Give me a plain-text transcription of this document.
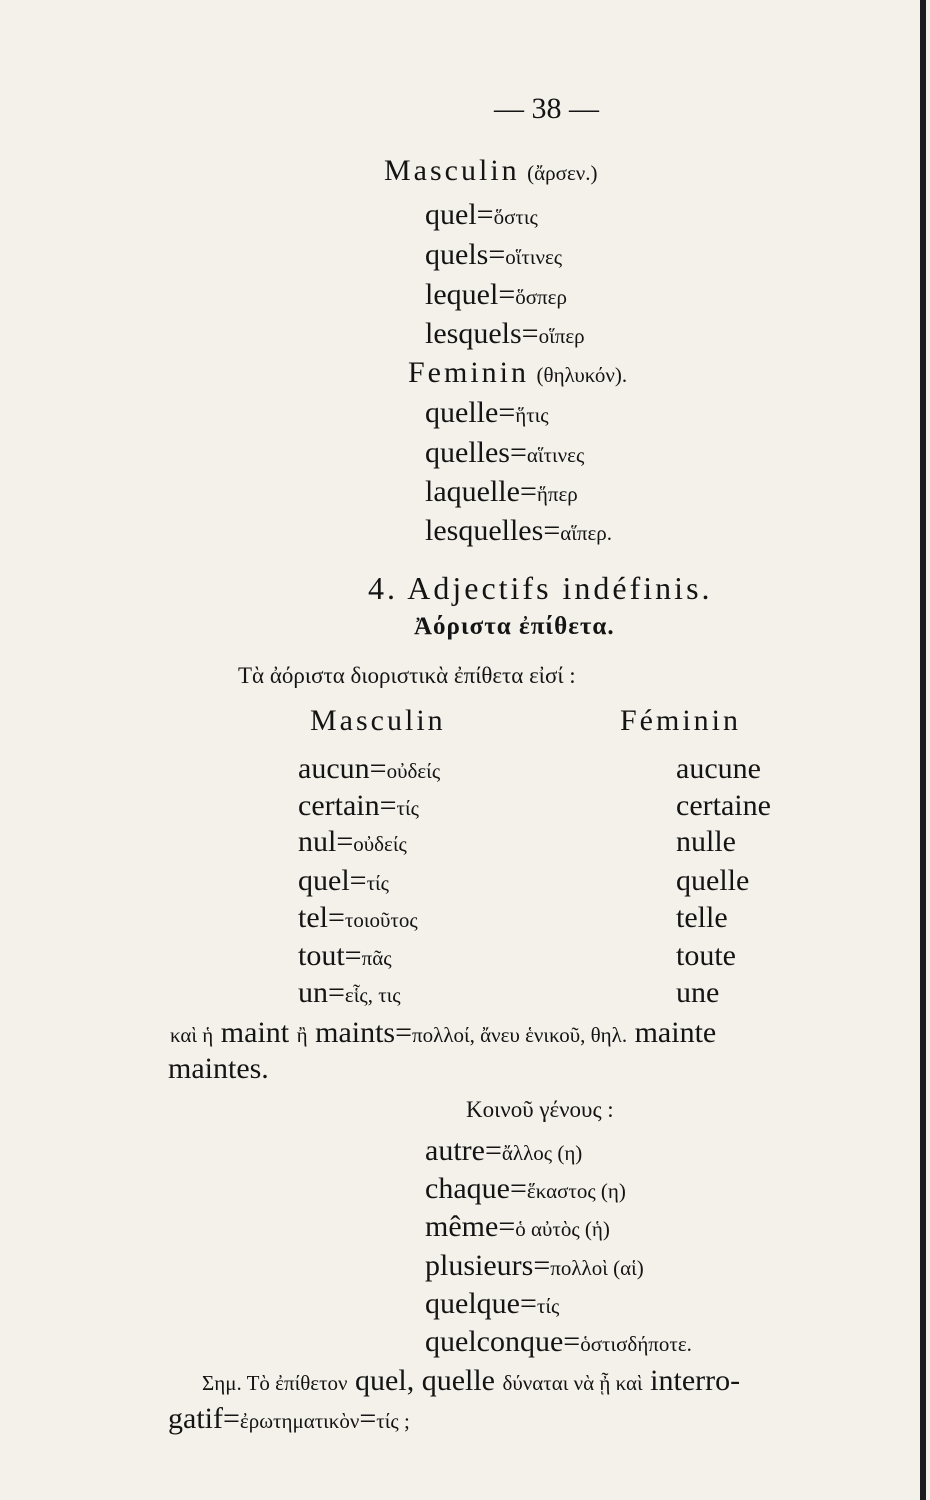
— 38 —
Masculin (ἄρσεν.)
quel=ὅστις
quels=οἵτινες
lequel=ὅσπερ
lesquels=οἵπερ
Feminin (θηλυκόν).
quelle=ἥτις
quelles=αἵτινες
laquelle=ἥπερ
lesquelles=αἵπερ.
4. Adjectifs indéfinis.
Ἀόριστα ἐπίθετα.
Τὰ ἀόριστα διοριστικὰ ἐπίθετα εἰσί :
Masculin	Féminin
aucun=οὐδείς	aucune
certain=τίς	certaine
nul=οὐδείς	nulle
quel=τίς	quelle
tel=τοιοῦτος	telle
tout=πᾶς	toute
un=εἷς, τις	une
καὶ ἡ maint ἢ maints=πολλοί, ἄνευ ἑνικοῦ, θηλ. mainte
maintes.
Κοινοῦ γένους :
autre=ἄλλος (η)
chaque=ἕκαστος (η)
même=ὁ αὐτὸς (ἡ)
plusieurs=πολλοὶ (αἱ)
quelque=τίς
quelconque=ὁστισδήποτε.
Σημ. Τὸ ἐπίθετον quel, quelle δύναται νὰ ᾖ καὶ interro-
gatif=ἐρωτηματικὸν=τίς ;
